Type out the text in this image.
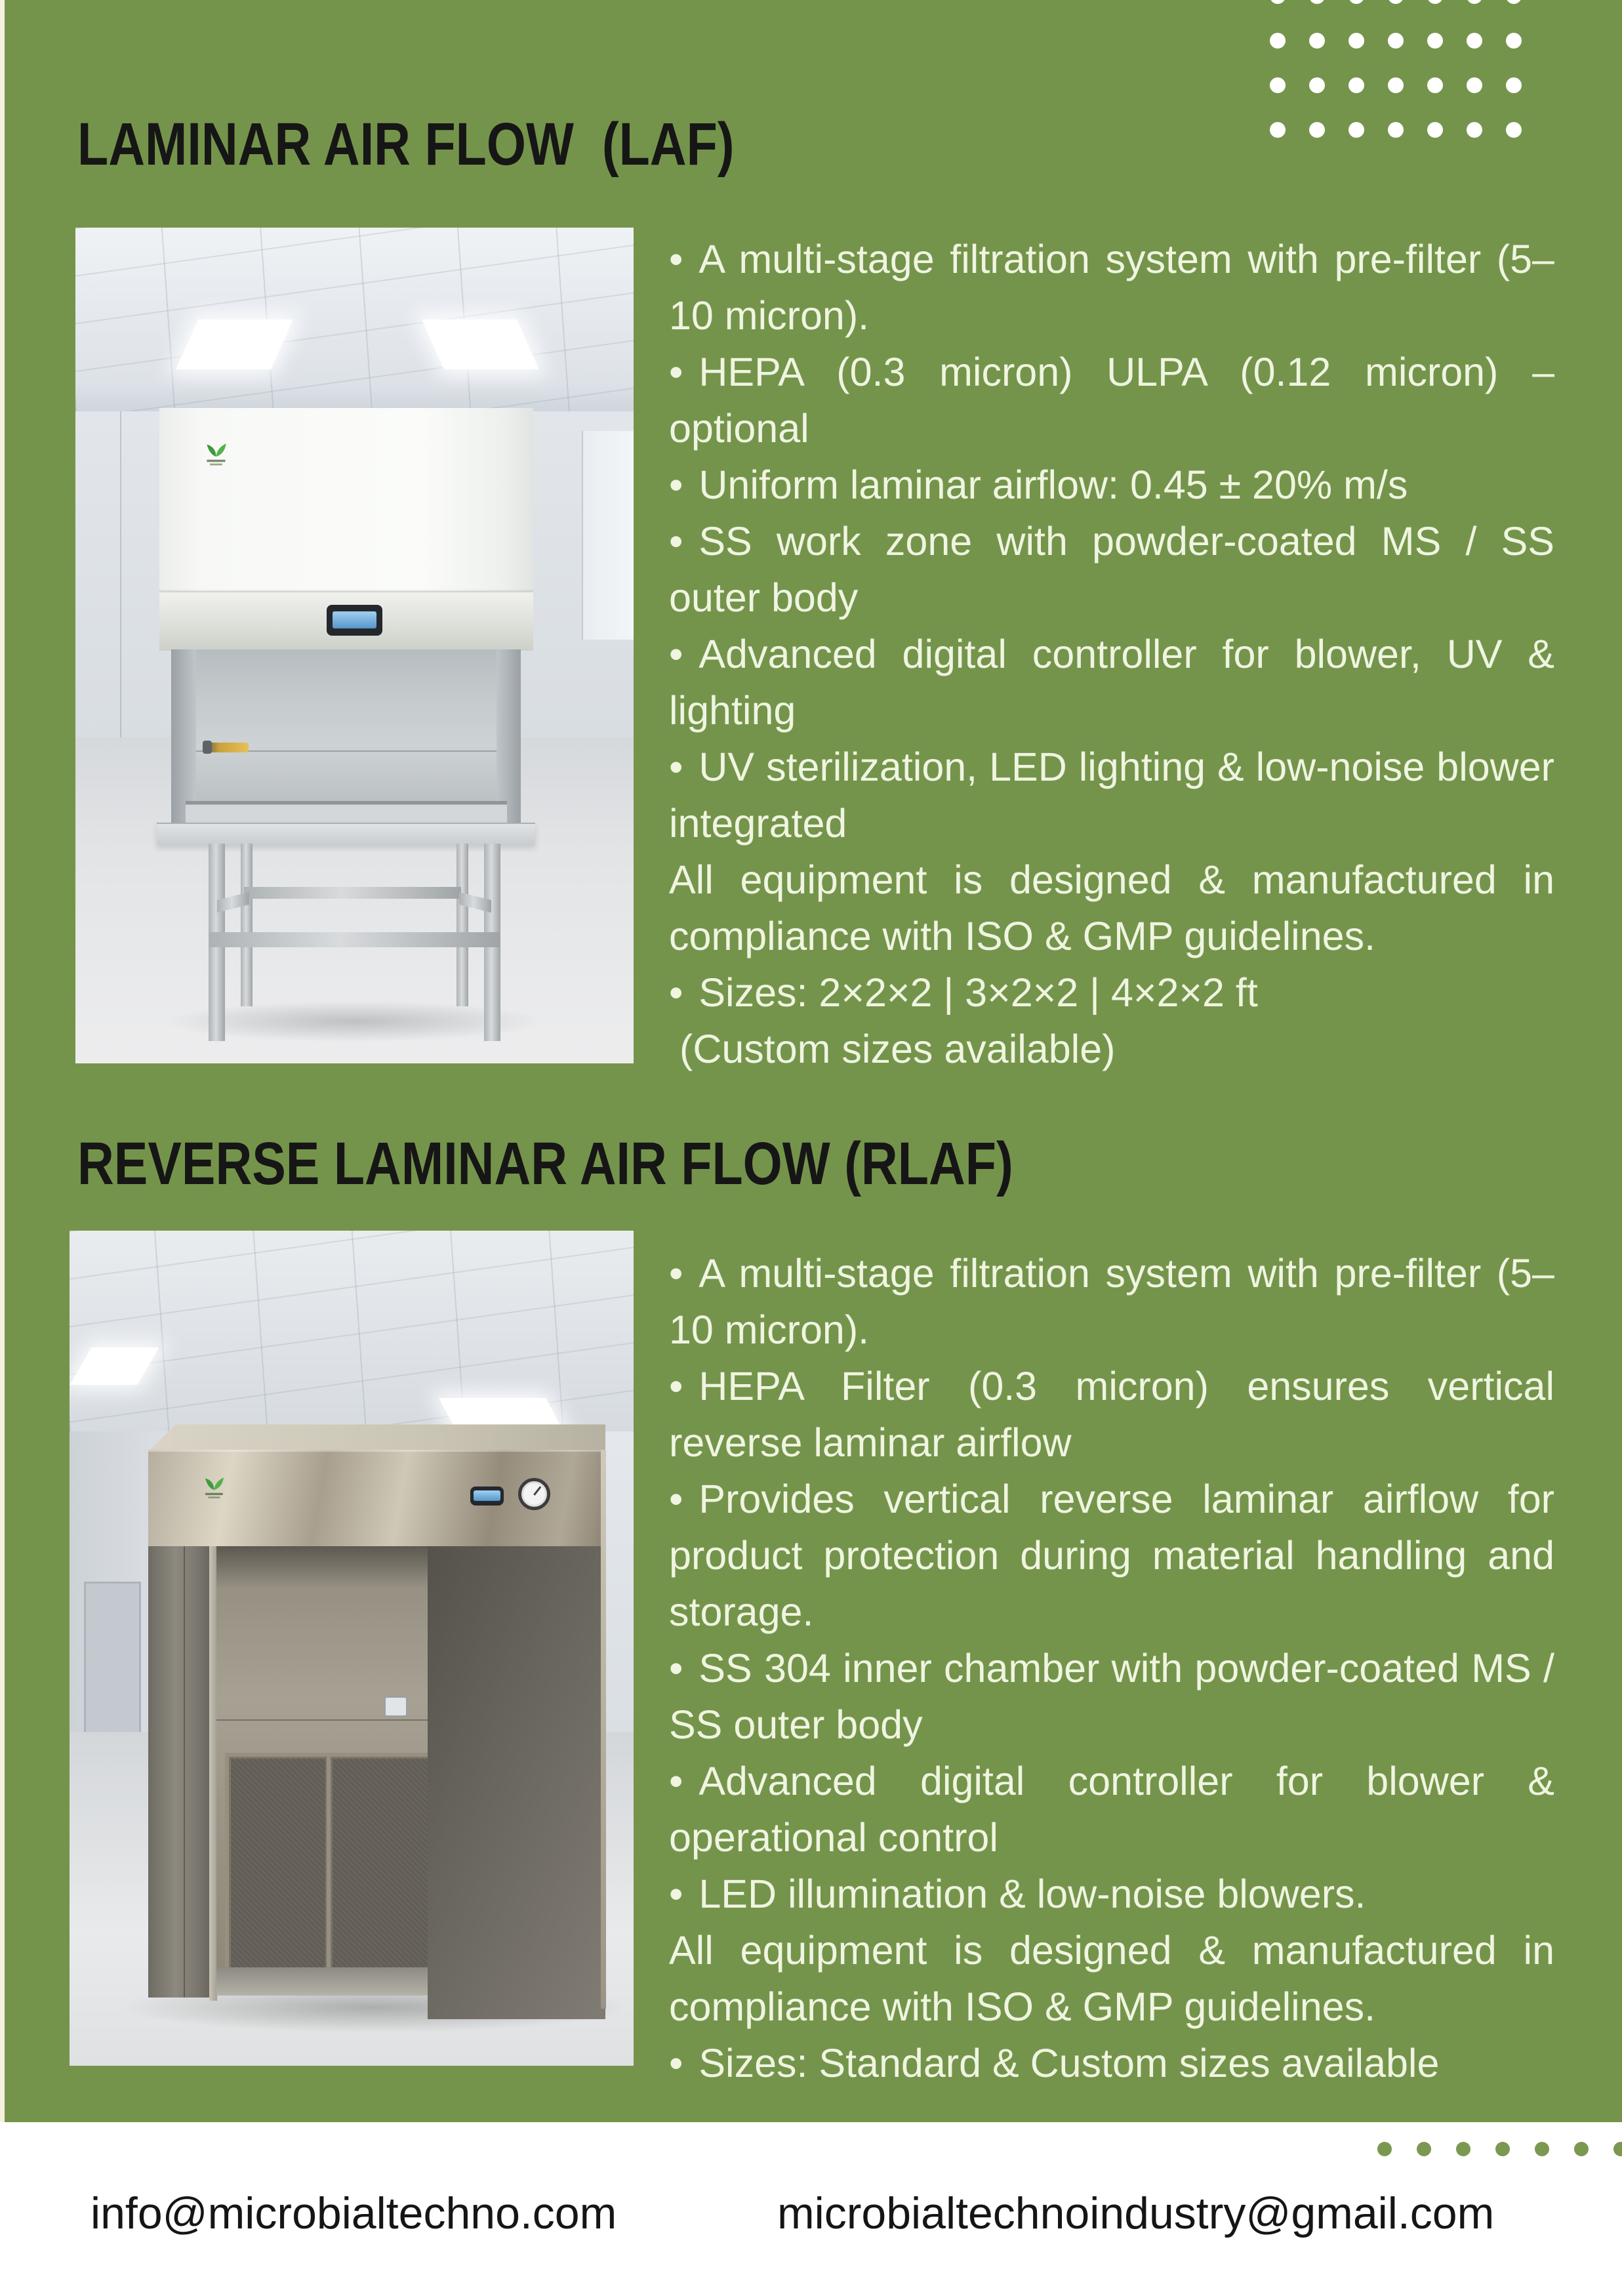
LAMINAR AIR FLOW  (LAF)

• A multi-stage filtration system with pre-filter (5–10 micron).

• HEPA (0.3 micron) ULPA (0.12 micron) – optional

• Uniform laminar airflow: 0.45 ± 20% m/s

• SS work zone with powder-coated MS / SS outer body

• Advanced digital controller for blower, UV & lighting

• UV sterilization, LED lighting & low-noise blower integrated

All equipment is designed & manufactured in compliance with ISO & GMP guidelines.

• Sizes: 2×2×2 | 3×2×2 | 4×2×2 ft

(Custom sizes available)

REVERSE LAMINAR AIR FLOW (RLAF)

• A multi-stage filtration system with pre-filter (5–10 micron).

• HEPA Filter (0.3 micron) ensures vertical reverse laminar airflow

• Provides vertical reverse laminar airflow for product protection during material handling and storage.

• SS 304 inner chamber with powder-coated MS / SS outer body

• Advanced digital controller for blower & operational control

• LED illumination & low-noise blowers.

All equipment is designed & manufactured in compliance with ISO & GMP guidelines.

• Sizes: Standard & Custom sizes available

info@microbialtechno.com	microbialtechnoindustry@gmail.com
